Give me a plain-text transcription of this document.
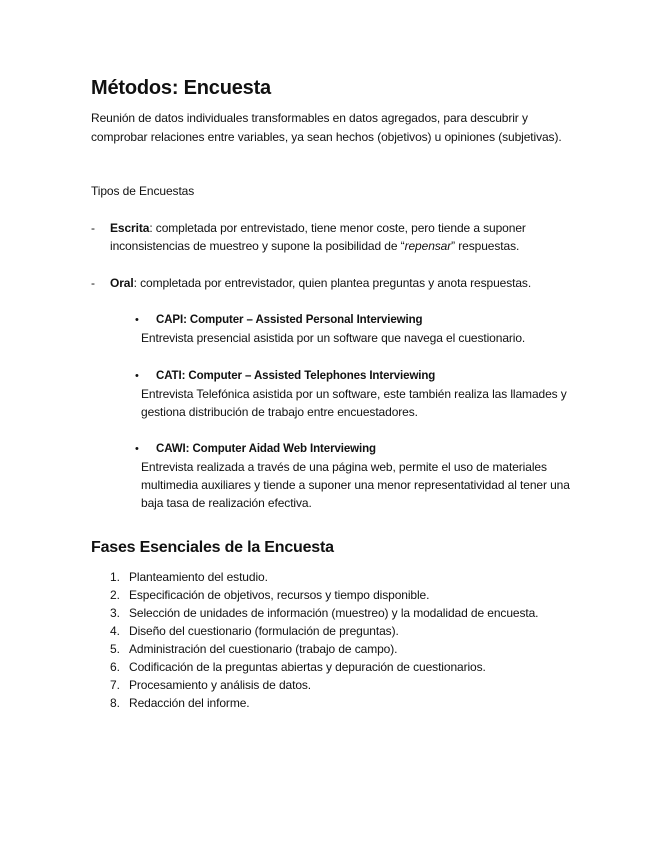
Métodos: Encuesta

Reunión de datos individuales transformables en datos agregados, para descubrir y comprobar relaciones entre variables, ya sean hechos (objetivos) u opiniones (subjetivas).

Tipos de Encuestas

-	Escrita: completada por entrevistado, tiene menor coste, pero tiende a suponer inconsistencias de muestreo y supone la posibilidad de “repensar” respuestas.
-	Oral: completada por entrevistador, quien plantea preguntas y anota respuestas.
•	CAPI: Computer – Assisted Personal Interviewing
Entrevista presencial asistida por un software que navega el cuestionario.
•	CATI: Computer – Assisted Telephones Interviewing
Entrevista Telefónica asistida por un software, este también realiza las llamades y gestiona distribución de trabajo entre encuestadores.
•	CAWI: Computer Aidad Web Interviewing
Entrevista realizada a través de una página web, permite el uso de materiales multimedia auxiliares y tiende a suponer una menor representatividad al tener una baja tasa de realización efectiva.
Fases Esenciales de la Encuesta
1. Planteamiento del estudio.
2. Especificación de objetivos, recursos y tiempo disponible.
3. Selección de unidades de información (muestreo) y la modalidad de encuesta.
4. Diseño del cuestionario (formulación de preguntas).
5. Administración del cuestionario (trabajo de campo).
6. Codificación de la preguntas abiertas y depuración de cuestionarios.
7. Procesamiento y análisis de datos.
8. Redacción del informe.
